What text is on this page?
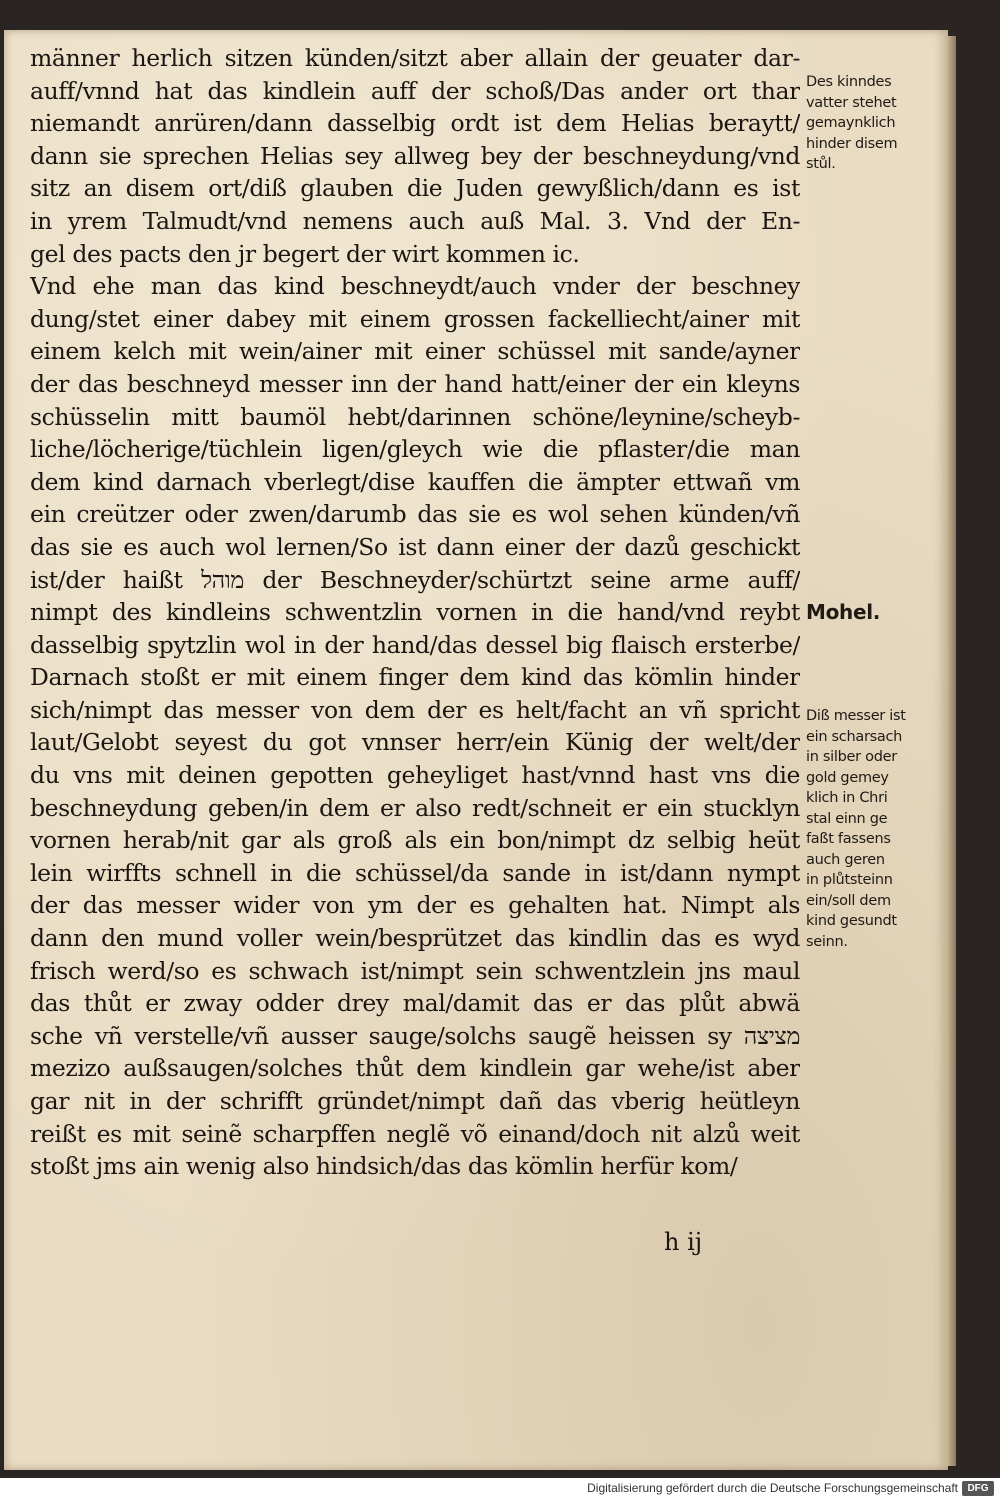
männer herlich sitzen künden/sitzt aber allain der geuater dar-
auff/vnnd hat das kindlein auff der schoß/Das ander ort thar
niemandt anrüren/dann dasselbig ordt ist dem Helias beraytt/
dann sie sprechen Helias sey allweg bey der beschneydung/vnd
sitz an disem ort/diß glauben die Juden gewyßlich/dann es ist
in yrem Talmudt/vnd nemens auch auß Mal. 3. Vnd der En-
gel des pacts den jr begert der wirt kommen ic.
Vnd ehe man das kind beschneydt/auch vnder der beschney
dung/stet einer dabey mit einem grossen fackelliecht/ainer mit
einem kelch mit wein/ainer mit einer schüssel mit sande/ayner
der das beschneyd messer inn der hand hatt/einer der ein kleyns
schüsselin mitt baumöl hebt/darinnen schöne/leynine/scheyb-
liche/löcherige/tüchlein ligen/gleych wie die pflaster/die man
dem kind darnach vberlegt/dise kauffen die ämpter ettwañ vm
ein creützer oder zwen/darumb das sie es wol sehen künden/vñ
das sie es auch wol lernen/So ist dann einer der dazů geschickt
ist/der haißt מוהל der Beschneyder/schürtzt seine arme auff/
nimpt des kindleins schwentzlin vornen in die hand/vnd reybt
dasselbig spytzlin wol in der hand/das dessel big flaisch ersterbe/
Darnach stoßt er mit einem finger dem kind das kömlin hinder
sich/nimpt das messer von dem der es helt/facht an vñ spricht
laut/Gelobt seyest du got vnnser herr/ein Künig der welt/der
du vns mit deinen gepotten geheyliget hast/vnnd hast vns die
beschneydung geben/in dem er also redt/schneit er ein stucklyn
vornen herab/nit gar als groß als ein bon/nimpt dz selbig heüt
lein wirffts schnell in die schüssel/da sande in ist/dann nympt
der das messer wider von ym der es gehalten hat. Nimpt als
dann den mund voller wein/besprützet das kindlin das es wyd
frisch werd/so es schwach ist/nimpt sein schwentzlein jns maul
das thůt er zway odder drey mal/damit das er das plůt abwä
sche vñ verstelle/vñ ausser sauge/solchs saugẽ heissen sy מציצה
mezizo außsaugen/solches thůt dem kindlein gar wehe/ist aber
gar nit in der schrifft gründet/nimpt dañ das vberig heütleyn
reißt es mit seinẽ scharpffen neglẽ võ einand/doch nit alzů weit
stoßt jms ain wenig also hindsich/das das kömlin herfür kom/
Des kinndes
vatter stehet
gemaynklich
hinder disem
stůl.
Mohel.
Diß messer ist
ein scharsach
in silber oder
gold gemey
klich in Chri
stal einn ge
faßt fassens
auch geren
in plůtsteinn
ein/soll dem
kind gesundt
seinn.
h ij
Digitalisierung gefördert durch die Deutsche Forschungsgemeinschaft DFG
